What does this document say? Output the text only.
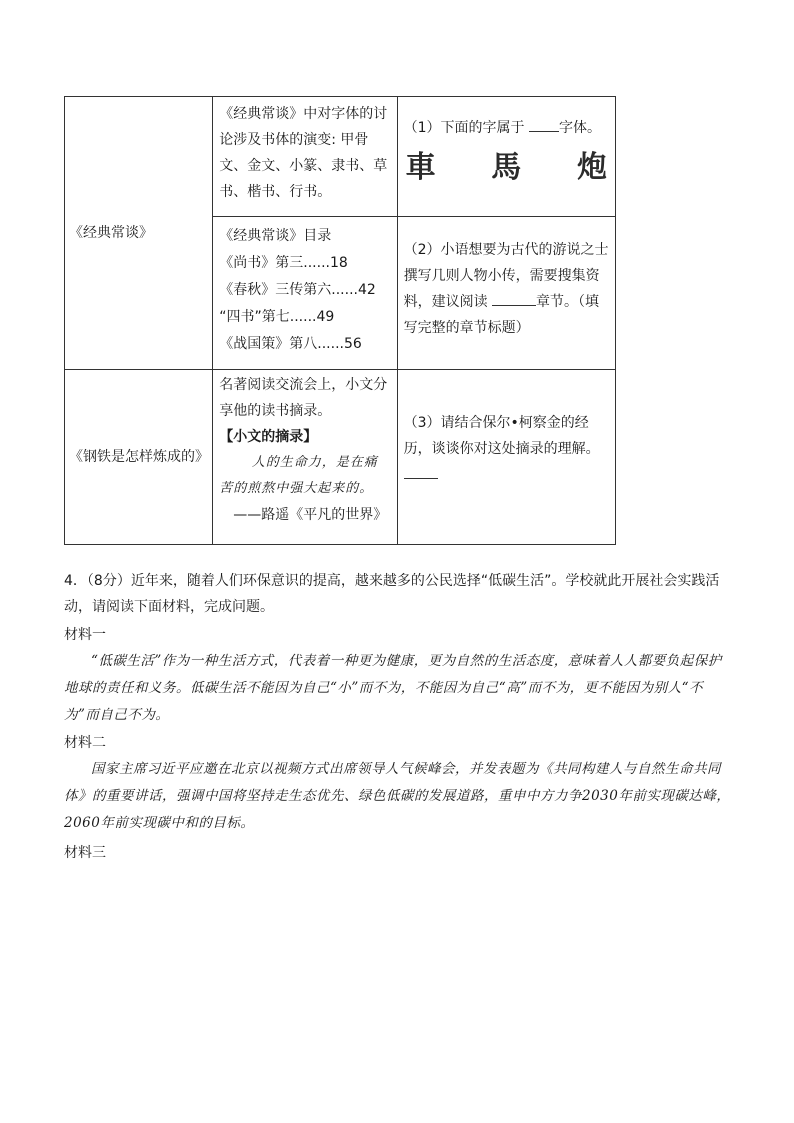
《经典常谈》	《经典常谈》中对字体的讨论涉及书体的演变: 甲骨文、金文、小篆、隶书、草书、楷书、行书。	（1）下面的字属于 字体。
車 馬 炮

	《经典常谈》目录
《尚书》第三......18
《春秋》三传第六......42
“四书”第七......49
《战国策》第八......56	（2）小语想要为古代的游说之士撰写几则人物小传，需要搜集资料，建议阅读 章节。（填写完整的章节标题）

《钢铁是怎样炼成的》	名著阅读交流会上，小文分享他的读书摘录。
【小文的摘录】
人的生命力，是在痛苦的煎熬中强大起来的。
——路遥《平凡的世界》	（3）请结合保尔•柯察金的经历，谈谈你对这处摘录的理解。
4．（8分）近年来，随着人们环保意识的提高，越来越多的公民选择“低碳生活”。学校就此开展社会实践活动，请阅读下面材料，完成问题。
材料一
“低碳生活”作为一种生活方式，代表着一种更为健康，更为自然的生活态度，意味着人人都要负起保护地球的责任和义务。低碳生活不能因为自己“小”而不为，不能因为自己“高”而不为，更不能因为别人“不为”而自己不为。
材料二
国家主席习近平应邀在北京以视频方式出席领导人气候峰会，并发表题为《共同构建人与自然生命共同体》的重要讲话，强调中国将坚持走生态优先、绿色低碳的发展道路，重申中方力争2030年前实现碳达峰，2060年前实现碳中和的目标。
材料三
